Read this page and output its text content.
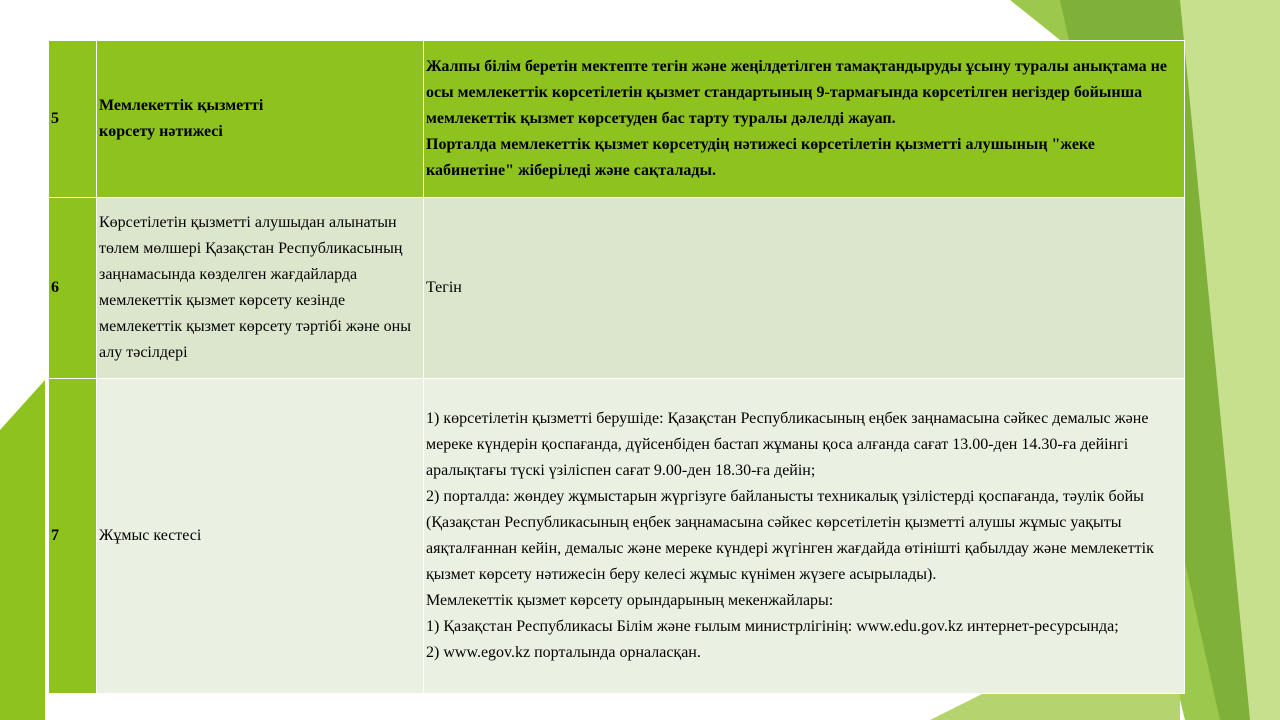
5	Мемлекеттік қызметті
көрсету нәтижесі	Жалпы білім беретін мектепте тегін және жеңілдетілген тамақтандыруды ұсыну туралы анықтама не осы мемлекеттік көрсетілетін қызмет стандартының 9-тармағында көрсетілген негіздер бойынша мемлекеттік қызмет көрсетуден бас тарту туралы дәлелді жауап.
Порталда мемлекеттік қызмет көрсетудің нәтижесі көрсетілетін қызметті алушының "жеке кабинетіне" жіберіледі және сақталады.

6	Көрсетілетін қызметті алушыдан алынатын төлем мөлшері Қазақстан Республикасының заңнамасында көзделген жағдайларда мемлекеттік қызмет көрсету кезінде мемлекеттік қызмет көрсету тәртібі және оны алу тәсілдері	Тегін

7	Жұмыс кестесі	1) көрсетілетін қызметті берушіде: Қазақстан Республикасының еңбек заңнамасына сәйкес демалыс және мереке күндерін қоспағанда, дүйсенбіден бастап жұманы қоса алғанда сағат 13.00-ден 14.30-ға дейінгі аралықтағы түскі үзіліспен сағат 9.00-ден 18.30-ға дейін;
2) порталда: жөндеу жұмыстарын жүргізуге байланысты техникалық үзілістерді қоспағанда, тәулік бойы (Қазақстан Республикасының еңбек заңнамасына сәйкес көрсетілетін қызметті алушы жұмыс уақыты аяқталғаннан кейін, демалыс және мереке күндері жүгінген жағдайда өтінішті қабылдау және мемлекеттік қызмет көрсету нәтижесін беру келесі жұмыс күнімен жүзеге асырылады).
Мемлекеттік қызмет көрсету орындарының мекенжайлары:
1) Қазақстан Республикасы Білім және ғылым министрлігінің: www.edu.gov.kz интернет-ресурсында;
2) www.egov.kz порталында орналасқан.
